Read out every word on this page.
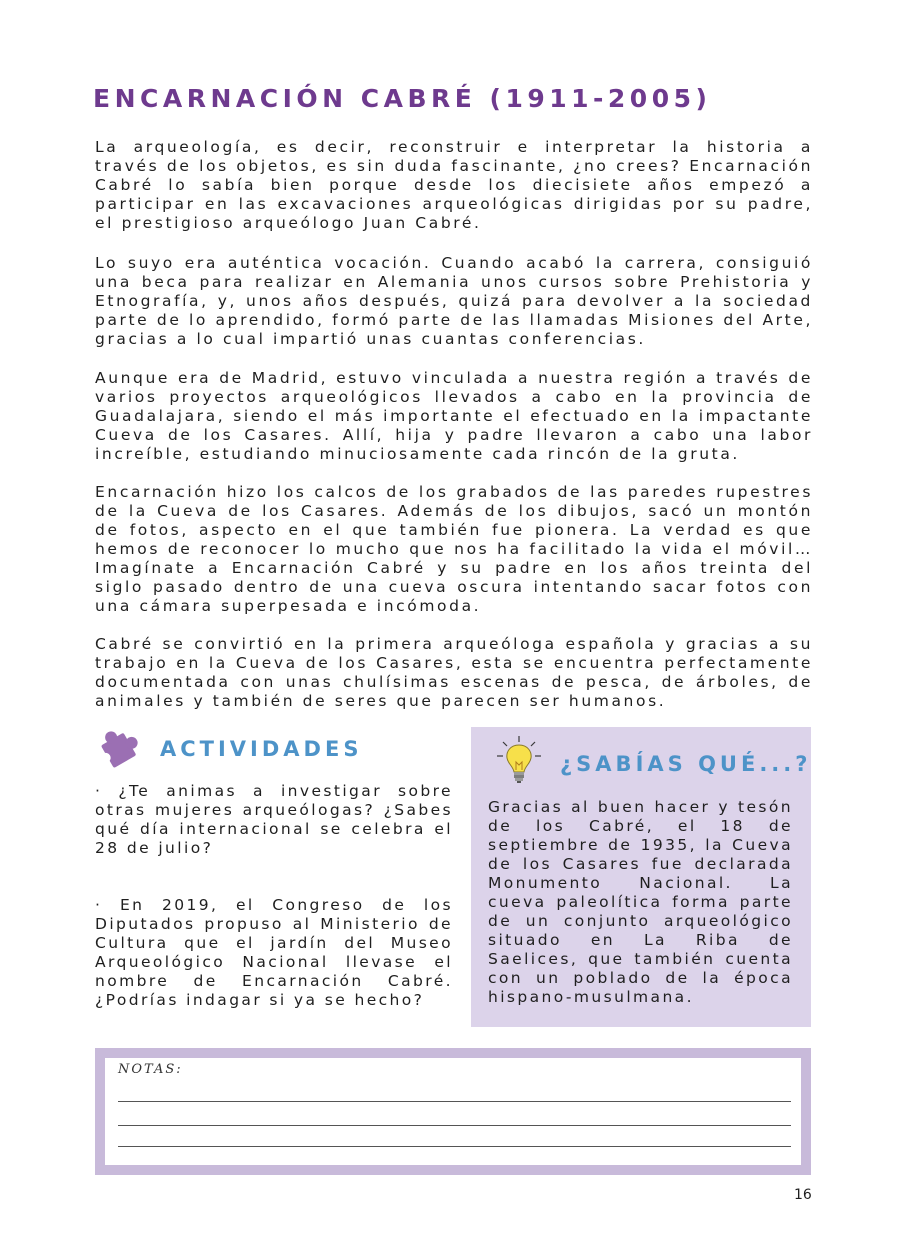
ENCARNACIÓN CABRÉ (1911-2005)

La arqueología, es decir, reconstruir e interpretar la historia a través de los objetos, es sin duda fascinante, ¿no crees? Encarnación Cabré lo sabía bien porque desde los diecisiete años empezó a participar en las excavaciones arqueológicas dirigidas por su padre, el prestigioso arqueólogo Juan Cabré.

Lo suyo era auténtica vocación. Cuando acabó la carrera, consiguió una beca para realizar en Alemania unos cursos sobre Prehistoria y Etnografía, y, unos años después, quizá para devolver a la sociedad parte de lo aprendido, formó parte de las llamadas Misiones del Arte, gracias a lo cual impartió unas cuantas conferencias.

Aunque era de Madrid, estuvo vinculada a nuestra región a través de varios proyectos arqueológicos llevados a cabo en la provincia de Guadalajara, siendo el más importante el efectuado en la impactante Cueva de los Casares. Allí, hija y padre llevaron a cabo una labor increíble, estudiando minuciosamente cada rincón de la gruta.

Encarnación hizo los calcos de los grabados de las paredes rupestres de la Cueva de los Casares. Además de los dibujos, sacó un montón de fotos, aspecto en el que también fue pionera. La verdad es que hemos de reconocer lo mucho que nos ha facilitado la vida el móvil… Imagínate a Encarnación Cabré y su padre en los años treinta del siglo pasado dentro de una cueva oscura intentando sacar fotos con una cámara superpesada e incómoda.

Cabré se convirtió en la primera arqueóloga española y gracias a su trabajo en la Cueva de los Casares, esta se encuentra perfectamente documentada con unas chulísimas escenas de pesca, de árboles, de animales y también de seres que parecen ser humanos.

ACTIVIDADES

· ¿Te animas a investigar sobre otras mujeres arqueólogas? ¿Sabes qué día internacional se celebra el 28 de julio?

· En 2019, el Congreso de los Diputados propuso al Ministerio de Cultura que el jardín del Museo Arqueológico Nacional llevase el nombre de Encarnación Cabré. ¿Podrías indagar si ya se hecho?

¿SABÍAS QUÉ...?

Gracias al buen hacer y tesón de los Cabré, el 18 de septiembre de 1935, la Cueva de los Casares fue declarada Monumento Nacional. La cueva paleolítica forma parte de un conjunto arqueológico situado en La Riba de Saelices, que también cuenta con un poblado de la época hispano-musulmana.

NOTAS:
16
